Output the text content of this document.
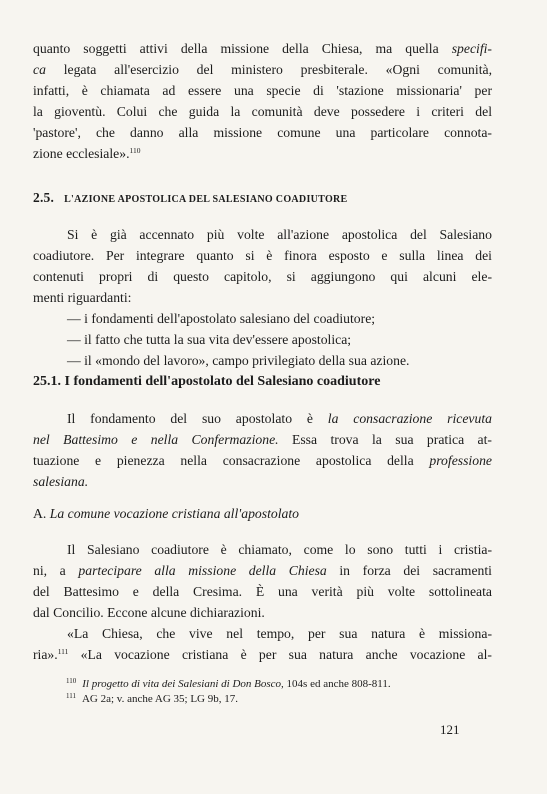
quanto soggetti attivi della missione della Chiesa, ma quella specifi-
ca legata all'esercizio del ministero presbiterale. «Ogni comunità,
infatti, è chiamata ad essere una specie di 'stazione missionaria' per
la gioventù. Colui che guida la comunità deve possedere i criteri del
'pastore', che danno alla missione comune una particolare connota-
zione ecclesiale».$^{110}$
2.5. L'AZIONE APOSTOLICA DEL SALESIANO COADIUTORE
Si è già accennato più volte all'azione apostolica del Salesiano
coadiutore. Per integrare quanto si è finora esposto e sulla linea dei
contenuti propri di questo capitolo, si aggiungono qui alcuni ele-
menti riguardanti:
— i fondamenti dell'apostolato salesiano del coadiutore;
— il fatto che tutta la sua vita dev'essere apostolica;
— il «mondo del lavoro», campo privilegiato della sua azione.
25.1. I fondamenti dell'apostolato del Salesiano coadiutore
Il fondamento del suo apostolato è la consacrazione ricevuta
nel Battesimo e nella Confermazione. Essa trova la sua pratica at-
tuazione e pienezza nella consacrazione apostolica della professione
salesiana.
A. La comune vocazione cristiana all'apostolato
Il Salesiano coadiutore è chiamato, come lo sono tutti i cristia-
ni, a partecipare alla missione della Chiesa in forza dei sacramenti
del Battesimo e della Cresima. È una verità più volte sottolineata
dal Concilio. Eccone alcune dichiarazioni.
«La Chiesa, che vive nel tempo, per sua natura è missiona-
ria».$^{111}$ «La vocazione cristiana è per sua natura anche vocazione al-
$^{110}$ Il progetto di vita dei Salesiani di Don Bosco, 104s ed anche 808-811.
$^{111}$ AG 2a; v. anche AG 35; LG 9b, 17.
121
